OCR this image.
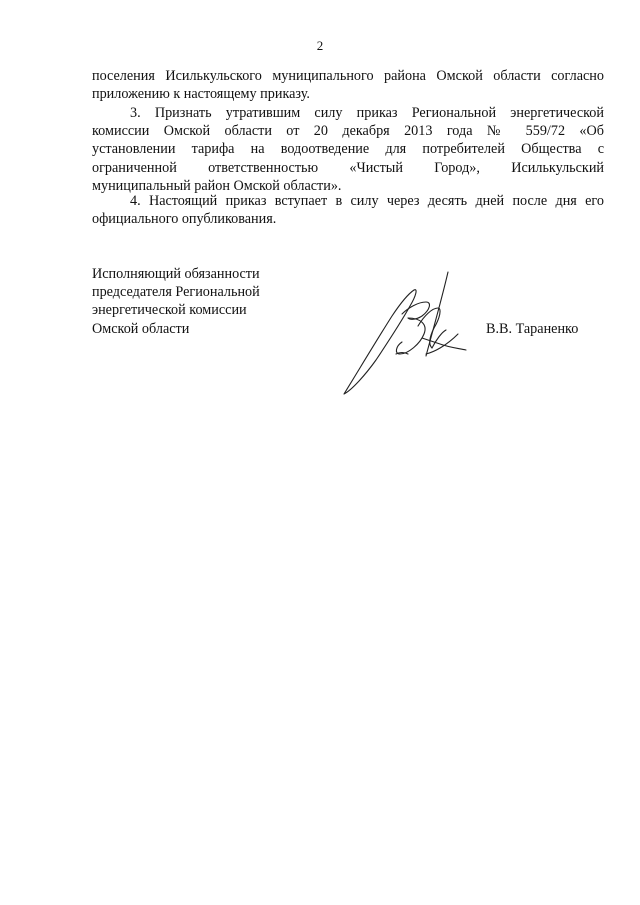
2
поселения Исилькульского муниципального района Омской области согласно
приложению к настоящему приказу.
3. Признать утратившим силу приказ Региональной энергетической
комиссии Омской области от 20 декабря 2013 года № 559/72 «Об
установлении тарифа на водоотведение для потребителей Общества с
ограниченной ответственностью «Чистый Город», Исилькульский
муниципальный район Омской области».
4. Настоящий приказ вступает в силу через десять дней после дня его
официального опубликования.
Исполняющий обязанности
председателя Региональной
энергетической комиссии
Омской области	В.В. Тараненко
